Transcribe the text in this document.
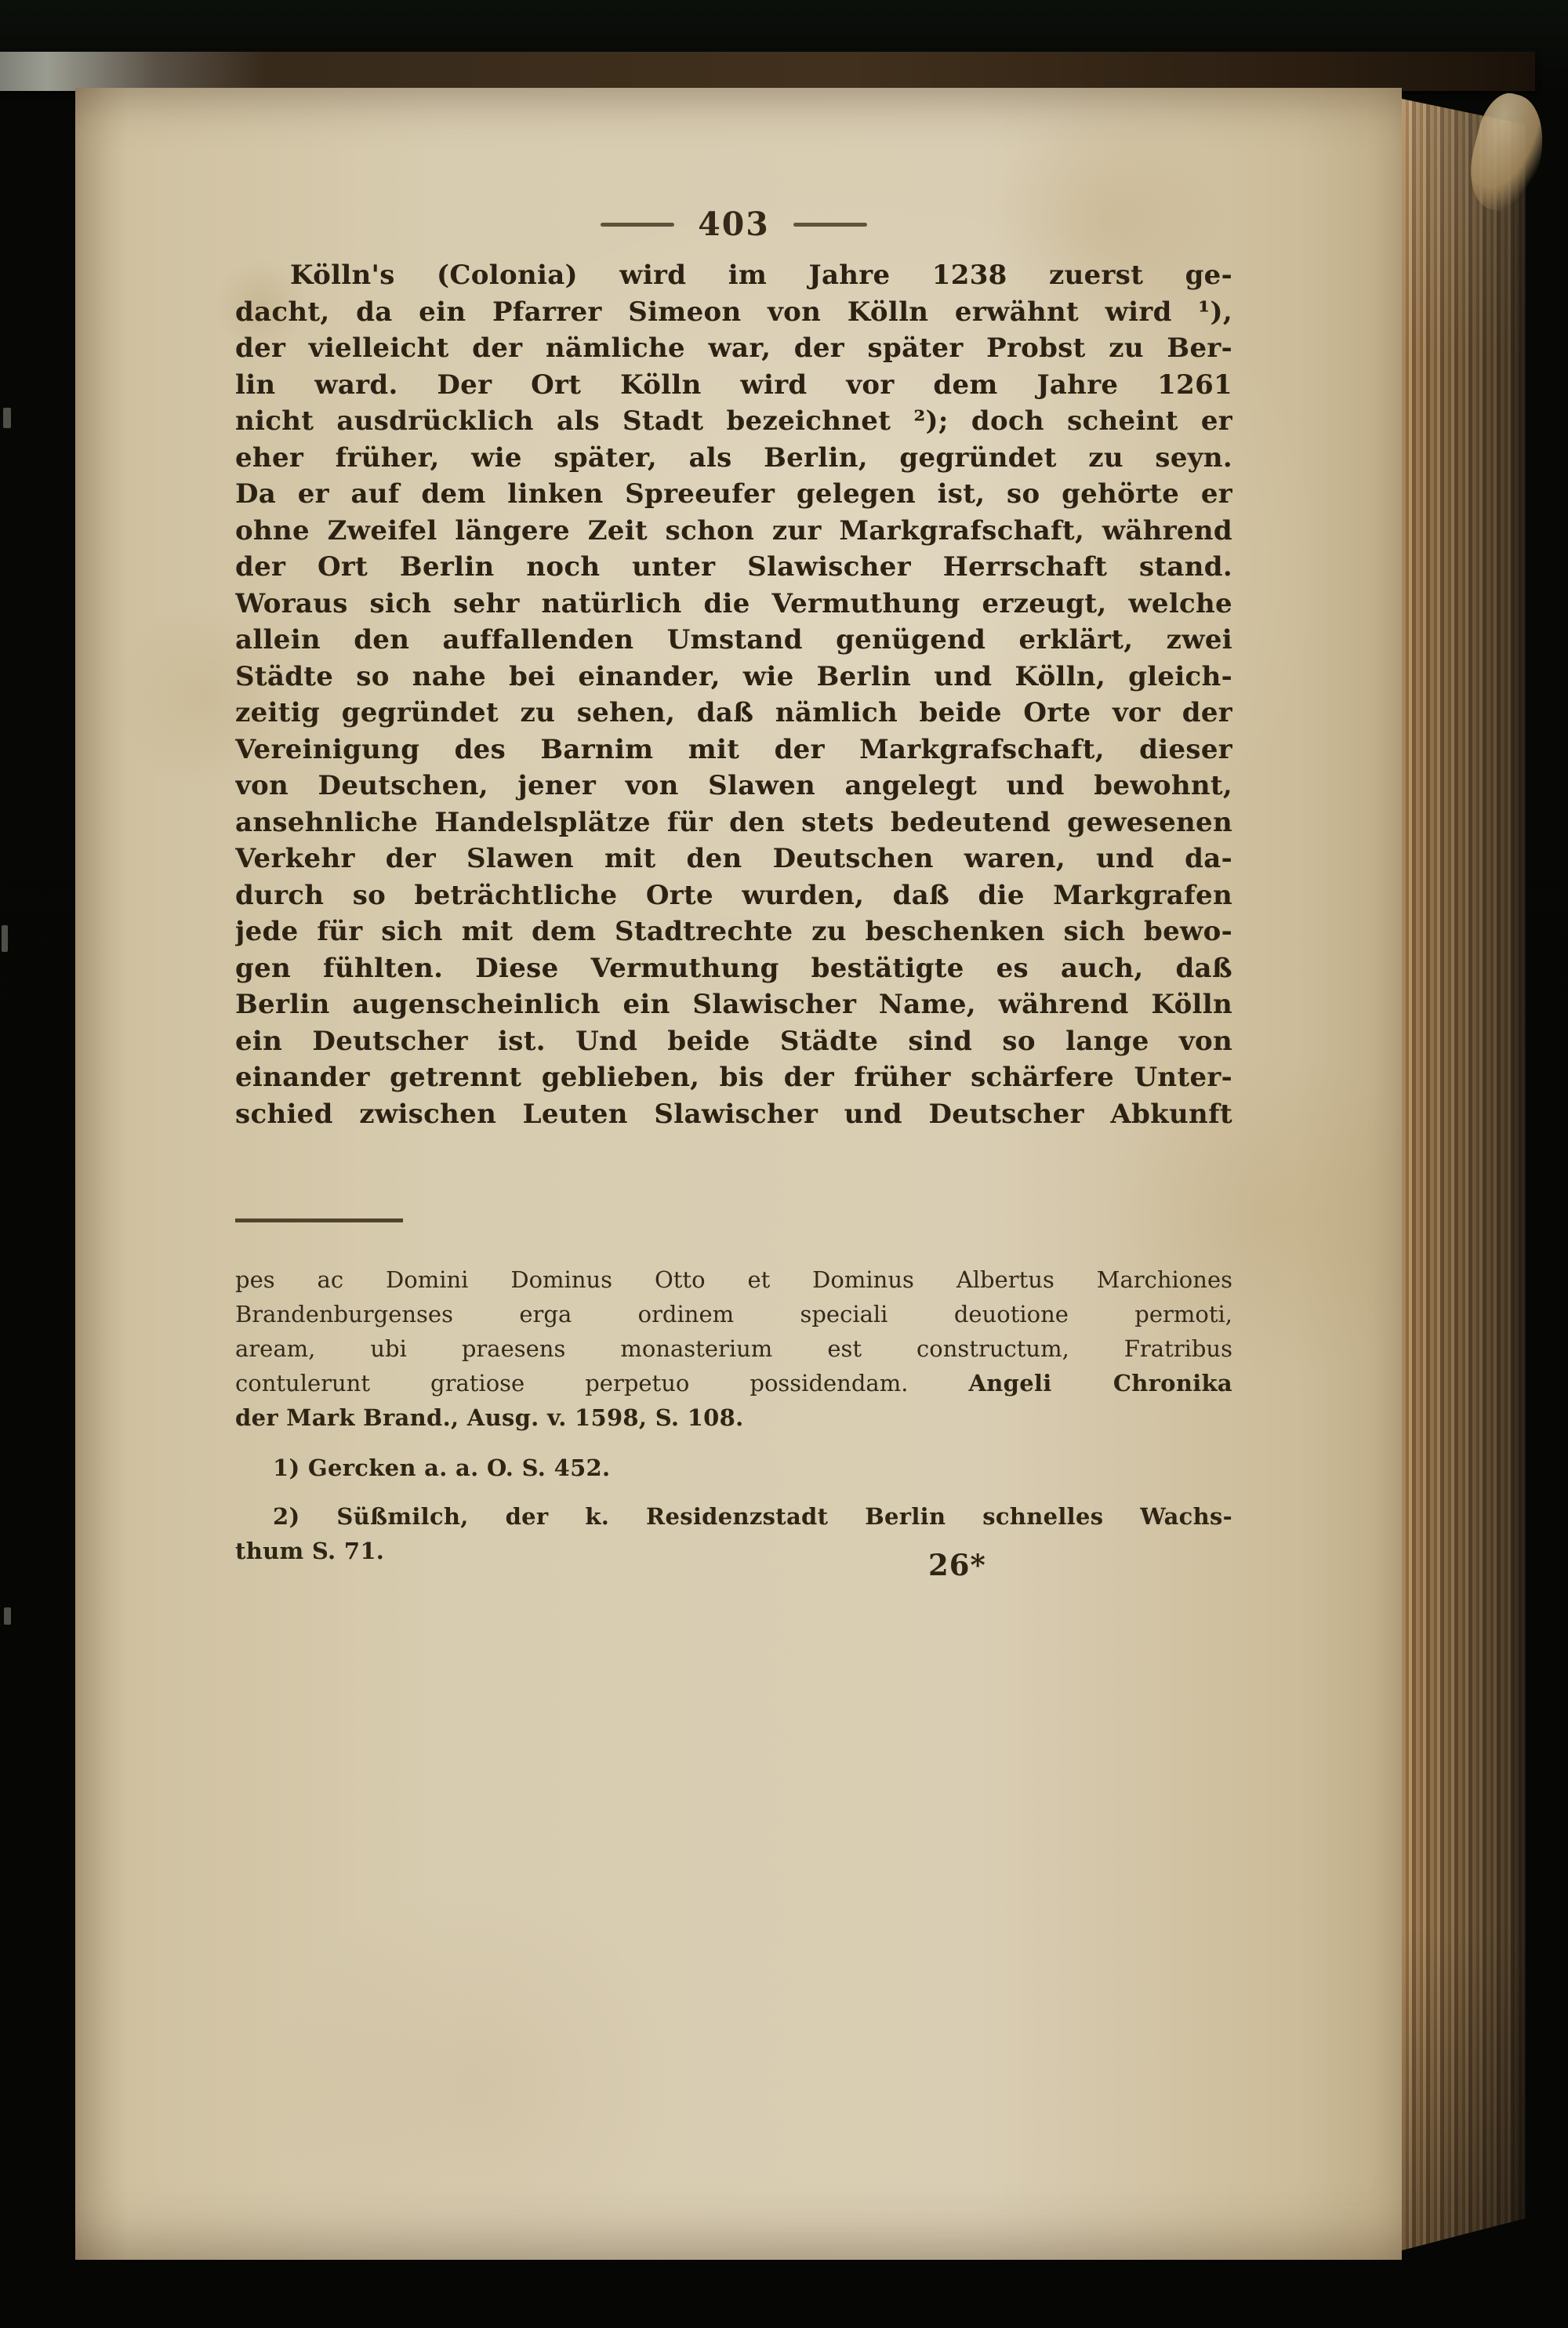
403
Kölln's (Colonia) wird im Jahre 1238 zuerst ge-
dacht, da ein Pfarrer Simeon von Kölln erwähnt wird ¹),
der vielleicht der nämliche war, der später Probst zu Ber-
lin ward. Der Ort Kölln wird vor dem Jahre 1261
nicht ausdrücklich als Stadt bezeichnet ²); doch scheint er
eher früher, wie später, als Berlin, gegründet zu seyn.
Da er auf dem linken Spreeufer gelegen ist, so gehörte er
ohne Zweifel längere Zeit schon zur Markgrafschaft, während
der Ort Berlin noch unter Slawischer Herrschaft stand.
Woraus sich sehr natürlich die Vermuthung erzeugt, welche
allein den auffallenden Umstand genügend erklärt, zwei
Städte so nahe bei einander, wie Berlin und Kölln, gleich-
zeitig gegründet zu sehen, daß nämlich beide Orte vor der
Vereinigung des Barnim mit der Markgrafschaft, dieser
von Deutschen, jener von Slawen angelegt und bewohnt,
ansehnliche Handelsplätze für den stets bedeutend gewesenen
Verkehr der Slawen mit den Deutschen waren, und da-
durch so beträchtliche Orte wurden, daß die Markgrafen
jede für sich mit dem Stadtrechte zu beschenken sich bewo-
gen fühlten. Diese Vermuthung bestätigte es auch, daß
Berlin augenscheinlich ein Slawischer Name, während Kölln
ein Deutscher ist. Und beide Städte sind so lange von
einander getrennt geblieben, bis der früher schärfere Unter-
schied zwischen Leuten Slawischer und Deutscher Abkunft
pes ac Domini Dominus Otto et Dominus Albertus Marchiones
Brandenburgenses erga ordinem speciali deuotione permoti,
aream, ubi praesens monasterium est constructum, Fratribus
contulerunt gratiose perpetuo possidendam. Angeli Chronika
der Mark Brand., Ausg. v. 1598, S. 108.
1) Gercken a. a. O. S. 452.
2) Süßmilch, der k. Residenzstadt Berlin schnelles Wachs-
thum S. 71.	26*
